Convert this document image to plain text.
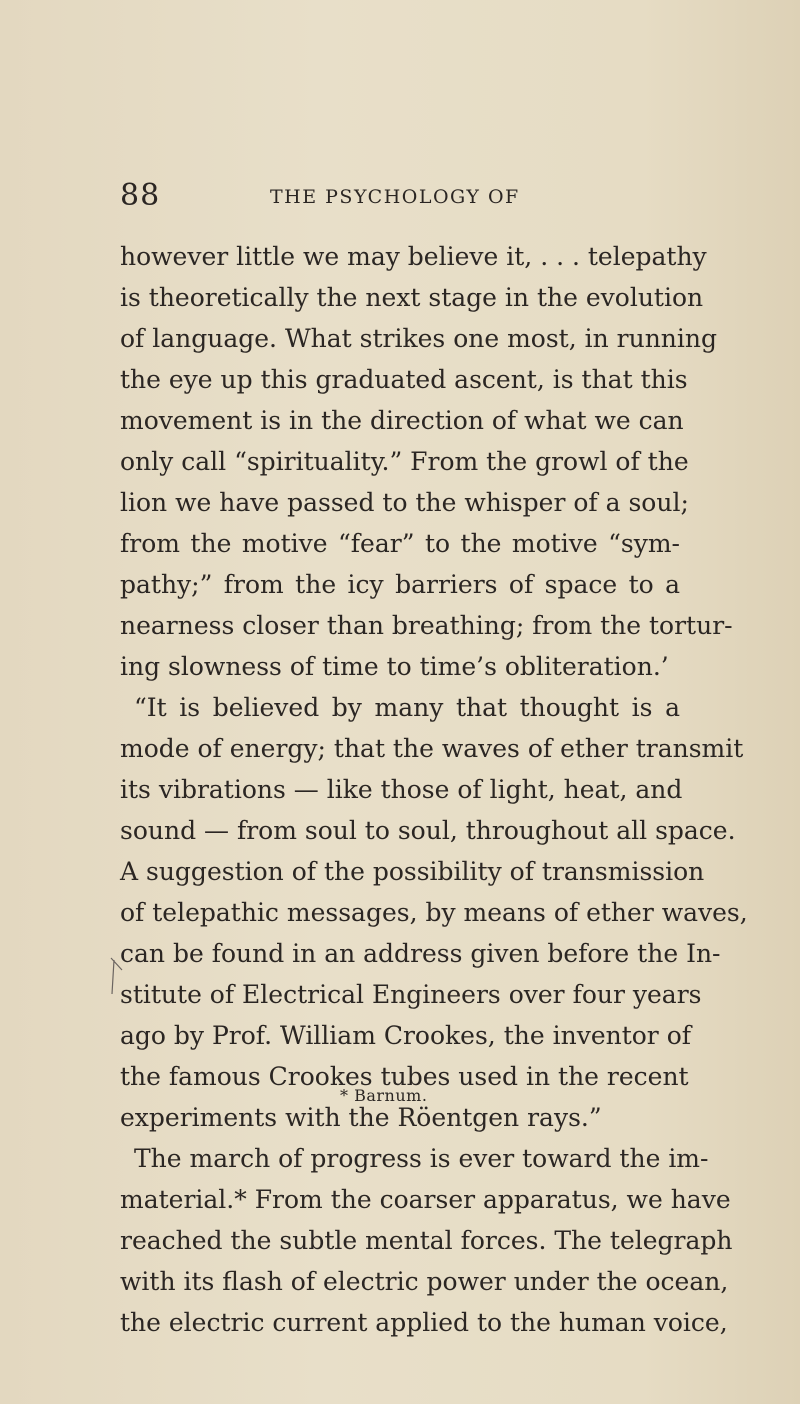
88	THE PSYCHOLOGY OF
however little we may believe it, . . . telepathy
is theoretically the next stage in the evolution
of language. What strikes one most, in running
the eye up this graduated ascent, is that this
movement is in the direction of what we can
only call “spirituality.” From the growl of the
lion we have passed to the whisper of a soul;
from the motive “fear” to the motive “sym-
pathy;” from the icy barriers of space to a
nearness closer than breathing; from the tortur-
ing slowness of time to time’s obliteration.’
“It is believed by many that thought is a
mode of energy; that the waves of ether transmit
its vibrations — like those of light, heat, and
sound — from soul to soul, throughout all space.
A suggestion of the possibility of transmission
of telepathic messages, by means of ether waves,
can be found in an address given before the In-
stitute of Electrical Engineers over four years
ago by Prof. William Crookes, the inventor of
the famous Crookes tubes used in the recent
experiments with the Röentgen rays.”
The march of progress is ever toward the im-
material.* From the coarser apparatus, we have
reached the subtle mental forces. The telegraph
with its flash of electric power under the ocean,
the electric current applied to the human voice,
* Barnum.
